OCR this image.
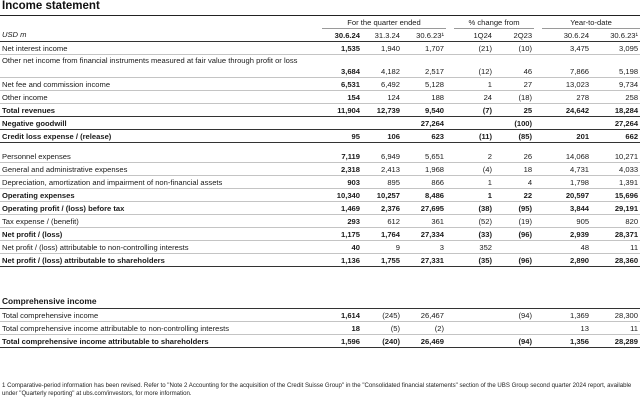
Income statement
	For the quarter ended				% change from			Year-to-date	
USD m	30.6.24	31.3.24	30.6.23¹		1Q24	2Q23		30.6.24	30.6.23¹
Net interest income	1,535	1,940	1,707		(21)	(10)		3,475	3,095
Other net income from financial instruments measured at fair value through profit or loss	3,684	4,182	2,517		(12)	46		7,866	5,198
Net fee and commission income	6,531	6,492	5,128		1	27		13,023	9,734
Other income	154	124	188		24	(18)		278	258
Total revenues	11,904	12,739	9,540		(7)	25		24,642	18,284
Negative goodwill			27,264			(100)			27,264
Credit loss expense / (release)	95	106	623		(11)	(85)		201	662

Personnel expenses	7,119	6,949	5,651		2	26		14,068	10,271
General and administrative expenses	2,318	2,413	1,968		(4)	18		4,731	4,033
Depreciation, amortization and impairment of non-financial assets	903	895	866		1	4		1,798	1,391
Operating expenses	10,340	10,257	8,486		1	22		20,597	15,696
Operating profit / (loss) before tax	1,469	2,376	27,695		(38)	(95)		3,844	29,191
Tax expense / (benefit)	293	612	361		(52)	(19)		905	820
Net profit / (loss)	1,175	1,764	27,334		(33)	(96)		2,939	28,371
Net profit / (loss) attributable to non-controlling interests	40	9	3		352			48	11
Net profit / (loss) attributable to shareholders	1,136	1,755	27,331		(35)	(96)		2,890	28,360
Comprehensive income
Total comprehensive income	1,614	(245)	26,467			(94)		1,369	28,300
Total comprehensive income attributable to non-controlling interests	18	(5)	(2)					13	11
Total comprehensive income attributable to shareholders	1,596	(240)	26,469			(94)		1,356	28,289
1 Comparative-period information has been revised. Refer to "Note 2 Accounting for the acquisition of the Credit Suisse Group" in the "Consolidated financial statements" section of the UBS Group second quarter 2024 report, available under "Quarterly reporting" at ubs.com/investors, for more information.
